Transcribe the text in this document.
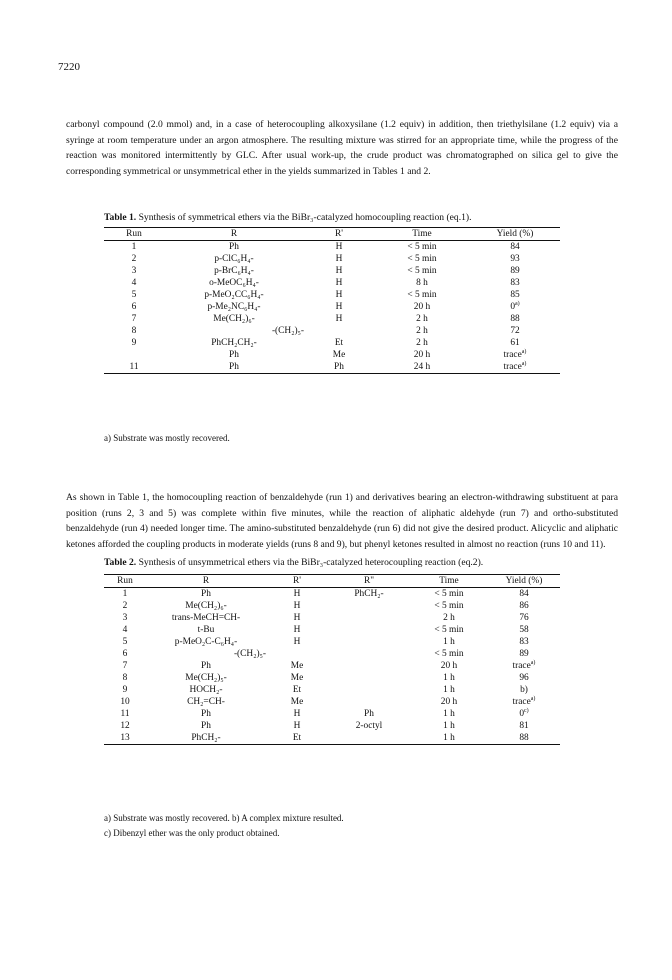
7220

carbonyl compound (2.0 mmol) and, in a case of heterocoupling alkoxysilane (1.2 equiv) in addition, then triethylsilane (1.2 equiv) via a syringe at room temperature under an argon atmosphere. The resulting mixture was stirred for an appropriate time, while the progress of the reaction was monitored intermittently by GLC. After usual work-up, the crude product was chromatographed on silica gel to give the corresponding symmetrical or unsymmetrical ether in the yields summarized in Tables 1 and 2.

Table 1. Synthesis of symmetrical ethers via the BiBr₃-catalyzed homocoupling reaction (eq.1).

Run	R	R'	Time	Yield (%)
1	Ph	H	< 5 min	84
2	p-ClC₆H₄-	H	< 5 min	93
3	p-BrC₆H₄-	H	< 5 min	89
4	o-MeOC₆H₄-	H	8 h	83
5	p-MeO₂CC₆H₄-	H	< 5 min	85
6	p-Me₂NC₆H₄-	H	20 h	0$^{a)}$
7	Me(CH₂)₆-	H	2 h	88
8	-(CH₂)₅-		2 h	72
9	PhCH₂CH₂-	Et	2 h	61
	Ph	Me	20 h	trace$^{a)}$
11	Ph	Ph	24 h	trace$^{a)}$

a) Substrate was mostly recovered.

As shown in Table 1, the homocoupling reaction of benzaldehyde (run 1) and derivatives bearing an electron-withdrawing substituent at para position (runs 2, 3 and 5) was complete within five minutes, while the reaction of aliphatic aldehyde (run 7) and ortho-substituted benzaldehyde (run 4) needed longer time. The amino-substituted benzaldehyde (run 6) did not give the desired product. Alicyclic and aliphatic ketones afforded the coupling products in moderate yields (runs 8 and 9), but phenyl ketones resulted in almost no reaction (runs 10 and 11).

Table 2. Synthesis of unsymmetrical ethers via the BiBr₃-catalyzed heterocoupling reaction (eq.2).

Run	R	R'	R"	Time	Yield (%)
1	Ph	H	PhCH₂-	< 5 min	84
2	Me(CH₂)₆-	H		< 5 min	86
3	trans-MeCH=CH-	H		2 h	76
4	t-Bu	H		< 5 min	58
5	p-MeO₂C-C₆H₄-	H		1 h	83
6	-(CH₂)₅-			< 5 min	89
7	Ph	Me		20 h	trace$^{a)}$
8	Me(CH₂)₅-	Me		1 h	96
9	HOCH₂-	Et		1 h	b)
10	CH₂=CH-	Me		20 h	trace$^{a)}$
11	Ph	H	Ph	1 h	0$^{c)}$
12	Ph	H	2-octyl	1 h	81
13	PhCH₂-	Et		1 h	88

a) Substrate was mostly recovered. b) A complex mixture resulted.

c) Dibenzyl ether was the only product obtained.
